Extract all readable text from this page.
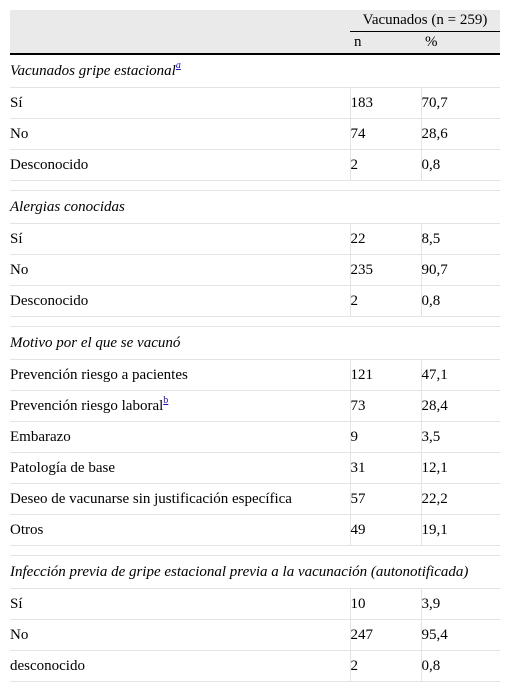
	Vacunados (n = 259)	
	n	%
Vacunados gripe estacional$^a$
Sí	183	70,7
No	74	28,6
Desconocido	2	0,8

Alergias conocidas		
Sí	22	8,5
No	235	90,7
Desconocido	2	0,8

Motivo por el que se vacunó		
Prevención riesgo a pacientes	121	47,1
Prevención riesgo laboral$^b$	73	28,4
Embarazo	9	3,5
Patología de base	31	12,1
Deseo de vacunarse sin justificación específica	57	22,2
Otros	49	19,1

Infección previa de gripe estacional previa a la vacunación (autonotificada)		
Sí	10	3,9
No	247	95,4
desconocido	2	0,8
